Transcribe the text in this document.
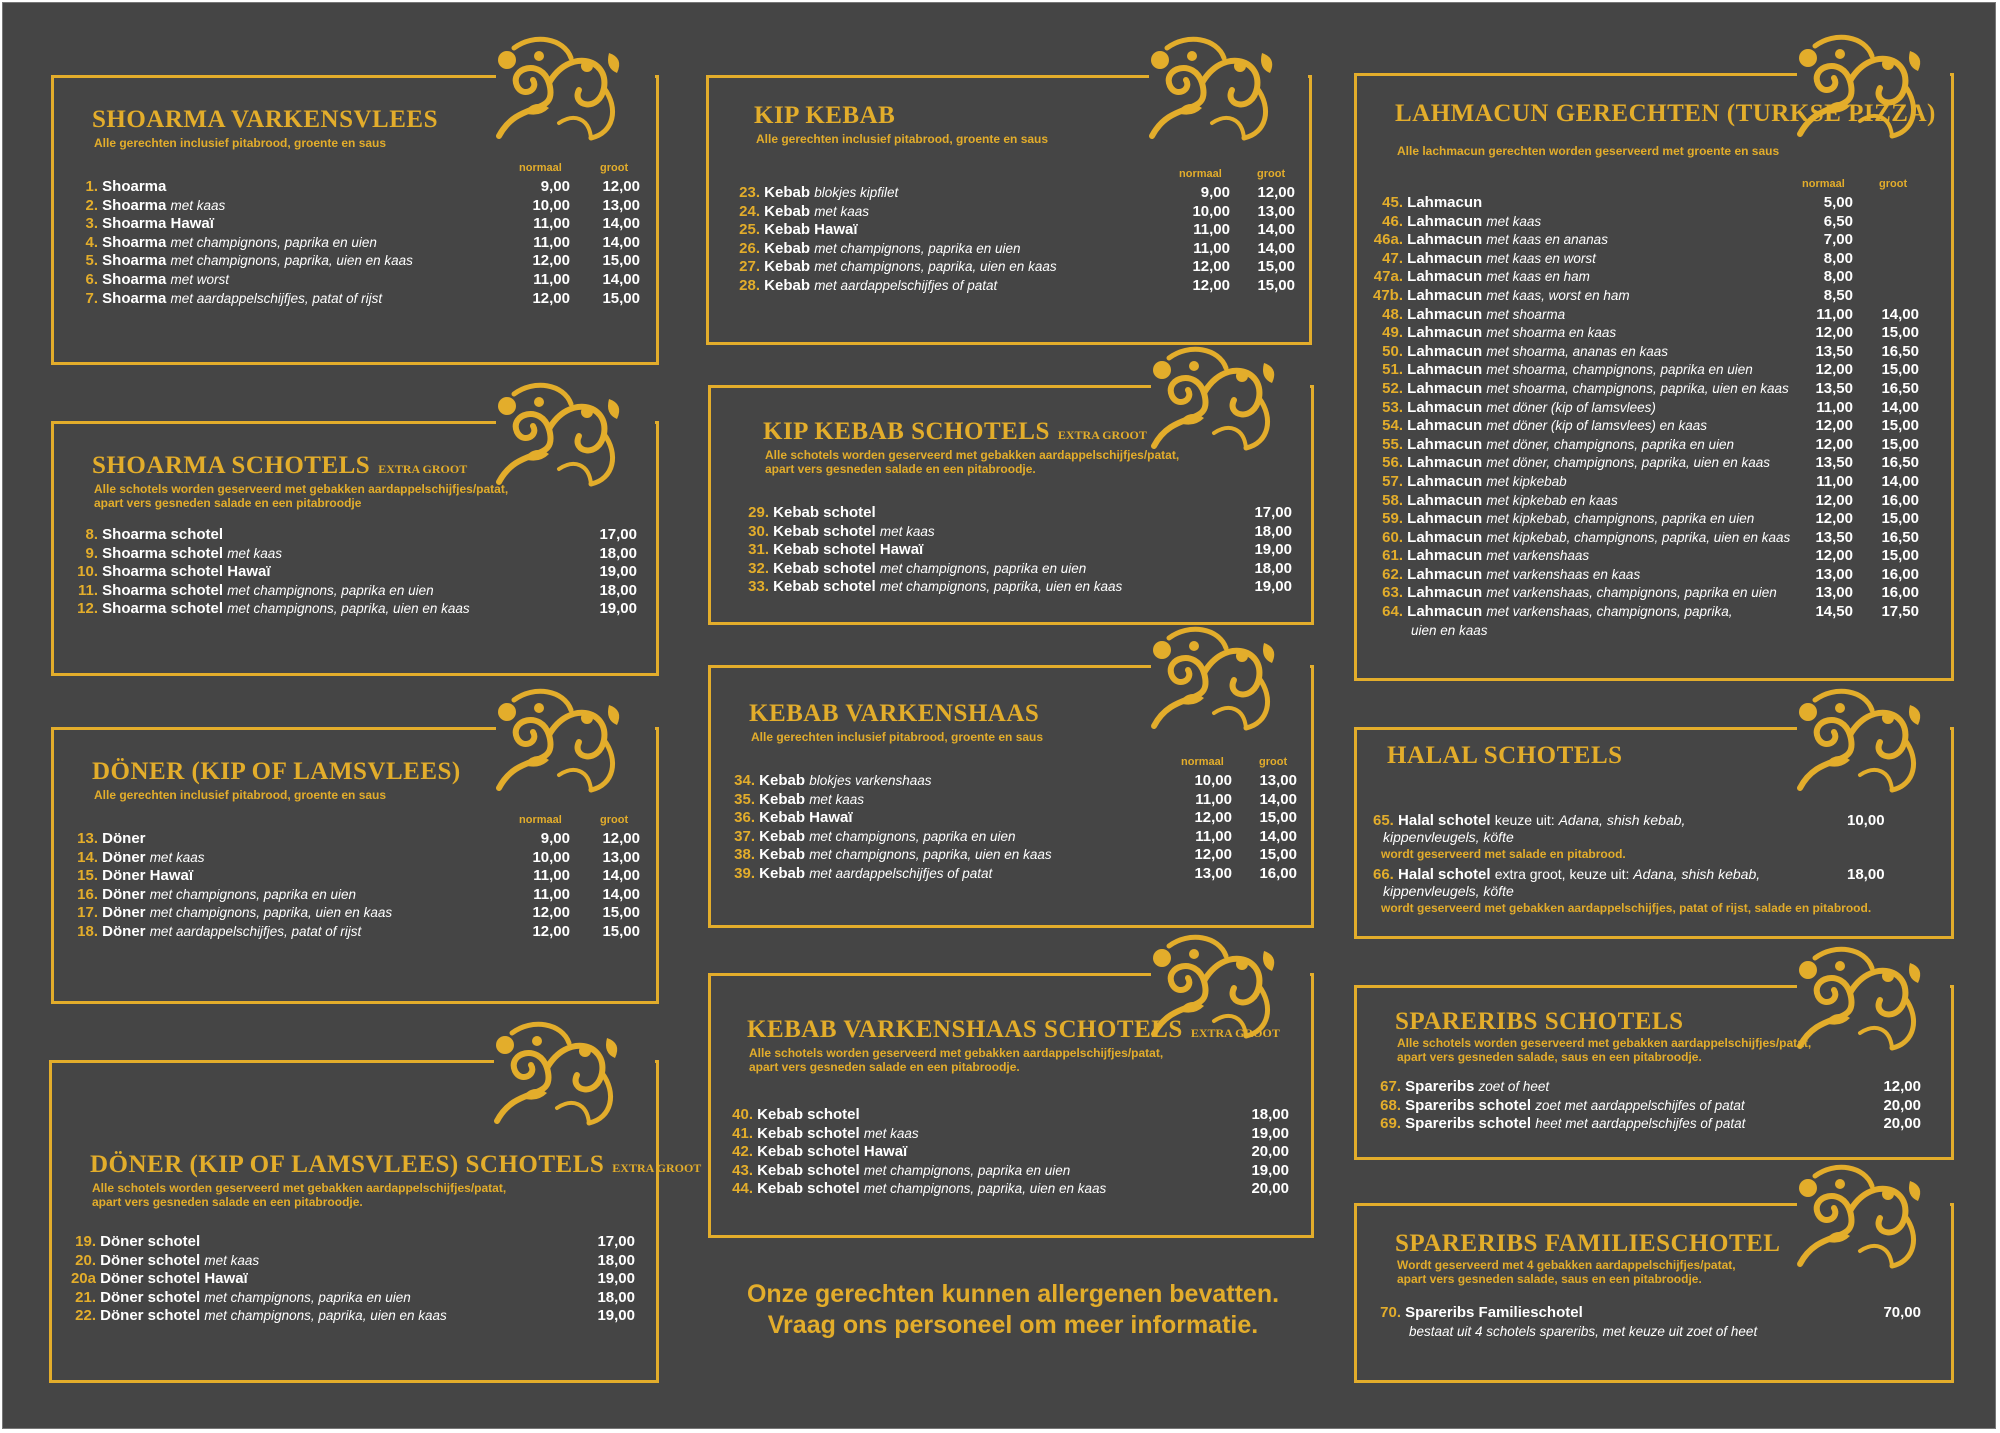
SHOARMA VARKENSVLEES
Alle gerechten inclusief pitabrood, groente en saus
normaal	groot
1. Shoarma	9,00	12,00
2. Shoarma met kaas	10,00	13,00
3. Shoarma Hawaï	11,00	14,00
4. Shoarma met champignons, paprika en uien	11,00	14,00
5. Shoarma met champignons, paprika, uien en kaas	12,00	15,00
6. Shoarma met worst	11,00	14,00
7. Shoarma met aardappelschijfjes, patat of rijst	12,00	15,00
SHOARMA SCHOTELS EXTRA GROOT
Alle schotels worden geserveerd met gebakken aardappelschijfjes/patat,
apart vers gesneden salade en een pitabroodje
8. Shoarma schotel	17,00
9. Shoarma schotel met kaas	18,00
10. Shoarma schotel Hawaï	19,00
11. Shoarma schotel met champignons, paprika en uien	18,00
12. Shoarma schotel met champignons, paprika, uien en kaas	19,00
DÖNER (KIP OF LAMSVLEES)
Alle gerechten inclusief pitabrood, groente en saus
normaal	groot
13. Döner	9,00	12,00
14. Döner met kaas	10,00	13,00
15. Döner Hawaï	11,00	14,00
16. Döner met champignons, paprika en uien	11,00	14,00
17. Döner met champignons, paprika, uien en kaas	12,00	15,00
18. Döner met aardappelschijfjes, patat of rijst	12,00	15,00
DÖNER (KIP OF LAMSVLEES) SCHOTELS EXTRA GROOT
Alle schotels worden geserveerd met gebakken aardappelschijfjes/patat,
apart vers gesneden salade en een pitabroodje.
19. Döner schotel	17,00
20. Döner schotel met kaas	18,00
20a Döner schotel Hawaï	19,00
21. Döner schotel met champignons, paprika en uien	18,00
22. Döner schotel met champignons, paprika, uien en kaas	19,00
KIP KEBAB
Alle gerechten inclusief pitabrood, groente en saus
normaal	groot
23. Kebab blokjes kipfilet	9,00	12,00
24. Kebab met kaas	10,00	13,00
25. Kebab Hawaï	11,00	14,00
26. Kebab met champignons, paprika en uien	11,00	14,00
27. Kebab met champignons, paprika, uien en kaas	12,00	15,00
28. Kebab met aardappelschijfjes of patat	12,00	15,00
KIP KEBAB SCHOTELS EXTRA GROOT
Alle schotels worden geserveerd met gebakken aardappelschijfjes/patat,
apart vers gesneden salade en een pitabroodje.
29. Kebab schotel	17,00
30. Kebab schotel met kaas	18,00
31. Kebab schotel Hawaï	19,00
32. Kebab schotel met champignons, paprika en uien	18,00
33. Kebab schotel met champignons, paprika, uien en kaas	19,00
KEBAB VARKENSHAAS
Alle gerechten inclusief pitabrood, groente en saus
normaal	groot
34. Kebab blokjes varkenshaas	10,00	13,00
35. Kebab met kaas	11,00	14,00
36. Kebab Hawaï	12,00	15,00
37. Kebab met champignons, paprika en uien	11,00	14,00
38. Kebab met champignons, paprika, uien en kaas	12,00	15,00
39. Kebab met aardappelschijfjes of patat	13,00	16,00
KEBAB VARKENSHAAS SCHOTELS EXTRA GROOT
Alle schotels worden geserveerd met gebakken aardappelschijfjes/patat,
apart vers gesneden salade en een pitabroodje.
40. Kebab schotel	18,00
41. Kebab schotel met kaas	19,00
42. Kebab schotel Hawaï	20,00
43. Kebab schotel met champignons, paprika en uien	19,00
44. Kebab schotel met champignons, paprika, uien en kaas	20,00
LAHMACUN GERECHTEN (TURKSE PIZZA)
Alle lachmacun gerechten worden geserveerd met groente en saus
normaal	groot
45. Lahmacun	5,00
46. Lahmacun met kaas	6,50
46a. Lahmacun met kaas en ananas	7,00
47. Lahmacun met kaas en worst	8,00
47a. Lahmacun met kaas en ham	8,00
47b. Lahmacun met kaas, worst en ham	8,50
48. Lahmacun met shoarma	11,00	14,00
49. Lahmacun met shoarma en kaas	12,00	15,00
50. Lahmacun met shoarma, ananas en kaas	13,50	16,50
51. Lahmacun met shoarma, champignons, paprika en uien	12,00	15,00
52. Lahmacun met shoarma, champignons, paprika, uien en kaas	13,50	16,50
53. Lahmacun met döner (kip of lamsvlees)	11,00	14,00
54. Lahmacun met döner (kip of lamsvlees) en kaas	12,00	15,00
55. Lahmacun met döner, champignons, paprika en uien	12,00	15,00
56. Lahmacun met döner, champignons, paprika, uien en kaas	13,50	16,50
57. Lahmacun met kipkebab	11,00	14,00
58. Lahmacun met kipkebab en kaas	12,00	16,00
59. Lahmacun met kipkebab, champignons, paprika en uien	12,00	15,00
60. Lahmacun met kipkebab, champignons, paprika, uien en kaas	13,50	16,50
61. Lahmacun met varkenshaas	12,00	15,00
62. Lahmacun met varkenshaas en kaas	13,00	16,00
63. Lahmacun met varkenshaas, champignons, paprika en uien	13,00	16,00
64. Lahmacun met varkenshaas, champignons, paprika,	14,50	17,50
uien en kaas
HALAL SCHOTELS
65. Halal schotel keuze uit: Adana, shish kebab,	10,00
kippenvleugels, köfte
wordt geserveerd met salade en pitabrood.
66. Halal schotel extra groot, keuze uit: Adana, shish kebab,	18,00
kippenvleugels, köfte
wordt geserveerd met gebakken aardappelschijfjes, patat of rijst, salade en pitabrood.
SPARERIBS SCHOTELS
Alle schotels worden geserveerd met gebakken aardappelschijfjes/patat,
apart vers gesneden salade, saus en een pitabroodje.
67. Spareribs zoet of heet	12,00
68. Spareribs schotel zoet met aardappelschijfes of patat	20,00
69. Spareribs schotel heet met aardappelschijfes of patat	20,00
SPARERIBS FAMILIESCHOTEL
Wordt geserveerd met 4 gebakken aardappelschijfjes/patat,
apart vers gesneden salade, saus en een pitabroodje.
70. Spareribs Familieschotel	70,00
bestaat uit 4 schotels spareribs, met keuze uit zoet of heet
Onze gerechten kunnen allergenen bevatten.
Vraag ons personeel om meer informatie.
